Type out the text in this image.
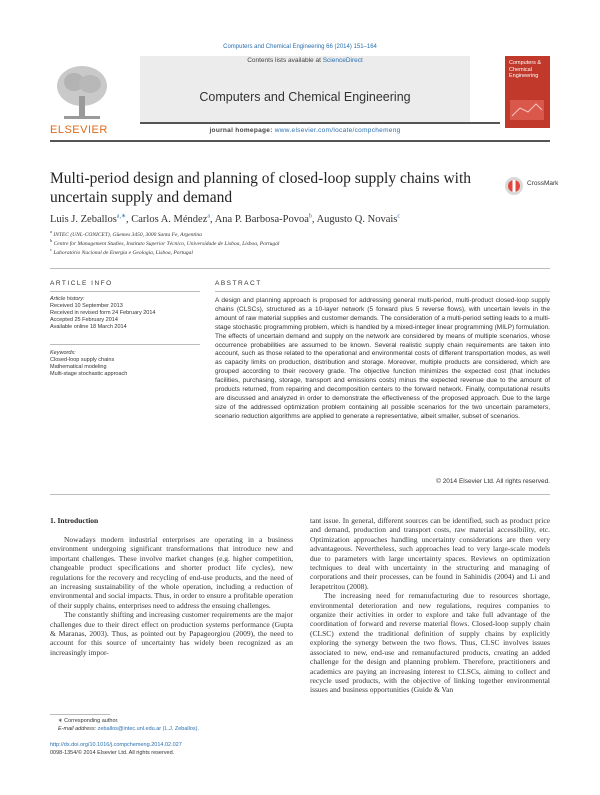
Computers and Chemical Engineering 66 (2014) 151–164
Contents lists available at ScienceDirect
Computers and Chemical Engineering
ELSEVIER
Computers & Chemical Engineering
journal homepage: www.elsevier.com/locate/compchemeng
Multi-period design and planning of closed-loop supply chains with uncertain supply and demand
CrossMark
Luis J. Zeballos$^{a,∗}$, Carlos A. Méndez$^a$, Ana P. Barbosa-Povoa$^b$, Augusto Q. Novais$^c$
$^a$ INTEC (UNL-CONICET), Güemes 3450, 3000 Santa Fe, Argentina
$^b$ Centre for Management Studies, Instituto Superior Técnico, Universidade de Lisboa, Lisboa, Portugal
$^c$ Laboratório Nacional de Energia e Geologia, Lisboa, Portugal
ARTICLE INFO
Article history:
Received 10 September 2013
Received in revised form 24 February 2014
Accepted 25 February 2014
Available online 18 March 2014
Keywords:
Closed-loop supply chains
Mathematical modeling
Multi-stage stochastic approach
ABSTRACT
A design and planning approach is proposed for addressing general multi-period, multi-product closed-loop supply chains (CLSCs), structured as a 10-layer network (5 forward plus 5 reverse flows), with uncertain levels in the amount of raw material supplies and customer demands. The consideration of a multi-period setting leads to a multi-stage stochastic programming problem, which is handled by a mixed-integer linear programming (MILP) formulation. The effects of uncertain demand and supply on the network are considered by means of multiple scenarios, whose occurrence probabilities are assumed to be known. Several realistic supply chain requirements are taken into account, such as those related to the operational and environmental costs of different transportation modes, as well as capacity limits on production, distribution and storage. Moreover, multiple products are considered, which are grouped according to their recovery grade. The objective function minimizes the expected cost (that includes facilities, purchasing, storage, transport and emissions costs) minus the expected revenue due to the amount of products returned, from repairing and decomposition centers to the forward network. Finally, computational results are discussed and analyzed in order to demonstrate the effectiveness of the proposed approach. Due to the large size of the addressed optimization problem containing all possible scenarios for the two uncertain parameters, scenario reduction algorithms are applied to generate a representative, albeit smaller, subset of scenarios.
© 2014 Elsevier Ltd. All rights reserved.
1. Introduction

Nowadays modern industrial enterprises are operating in a business environment undergoing significant transformations that introduce new and important challenges. These involve market changes (e.g. higher competition, changeable product specifications and shorter product life cycles), new regulations for the recovery and recycling of end-use products, and the need of an increasing sustainability of the whole operation, including a reduction of environmental and social impacts. Thus, in order to ensure a profitable operation of their supply chains, enterprises need to address the ensuing challenges.

The constantly shifting and increasing customer requirements are the major challenges due to their direct effect on production systems performance (Gupta & Maranas, 2003). Thus, as pointed out by Papageorgiou (2009), the need to account for this source of uncertainty has widely been recognized as an increasingly impor-

tant issue. In general, different sources can be identified, such as product price and demand, production and transport costs, raw material accessibility, etc. Optimization approaches handling uncertainty considerations are then very advantageous. Nevertheless, such approaches lead to very large-scale models due to parameters with large uncertainty spaces. Reviews on optimization techniques to deal with uncertainty in the structuring and managing of corporations and their processes, can be found in Sahinidis (2004) and Li and Ierapetritou (2008).

The increasing need for remanufacturing due to resources shortage, environmental deterioration and new regulations, requires companies to organize their activities in order to explore and take full advantage of the coordination of forward and reverse material flows. Closed-loop supply chain (CLSC) extend the traditional definition of supply chains by explicitly exploring the synergy between the two flows. Thus, CLSC involves issues associated to new, end-use and remanufactured products, creating an added challenge for the design and planning problem. Therefore, practitioners and academics are paying an increasing interest to CLSCs, aiming to collect and recycle used products, with the objective of linking together environmental issues and business opportunities (Guide & Van

∗ Corresponding author.
E-mail address: zeballos@intec.unl.edu.ar (L.J. Zeballos).
http://dx.doi.org/10.1016/j.compchemeng.2014.02.027
0098-1354/© 2014 Elsevier Ltd. All rights reserved.
